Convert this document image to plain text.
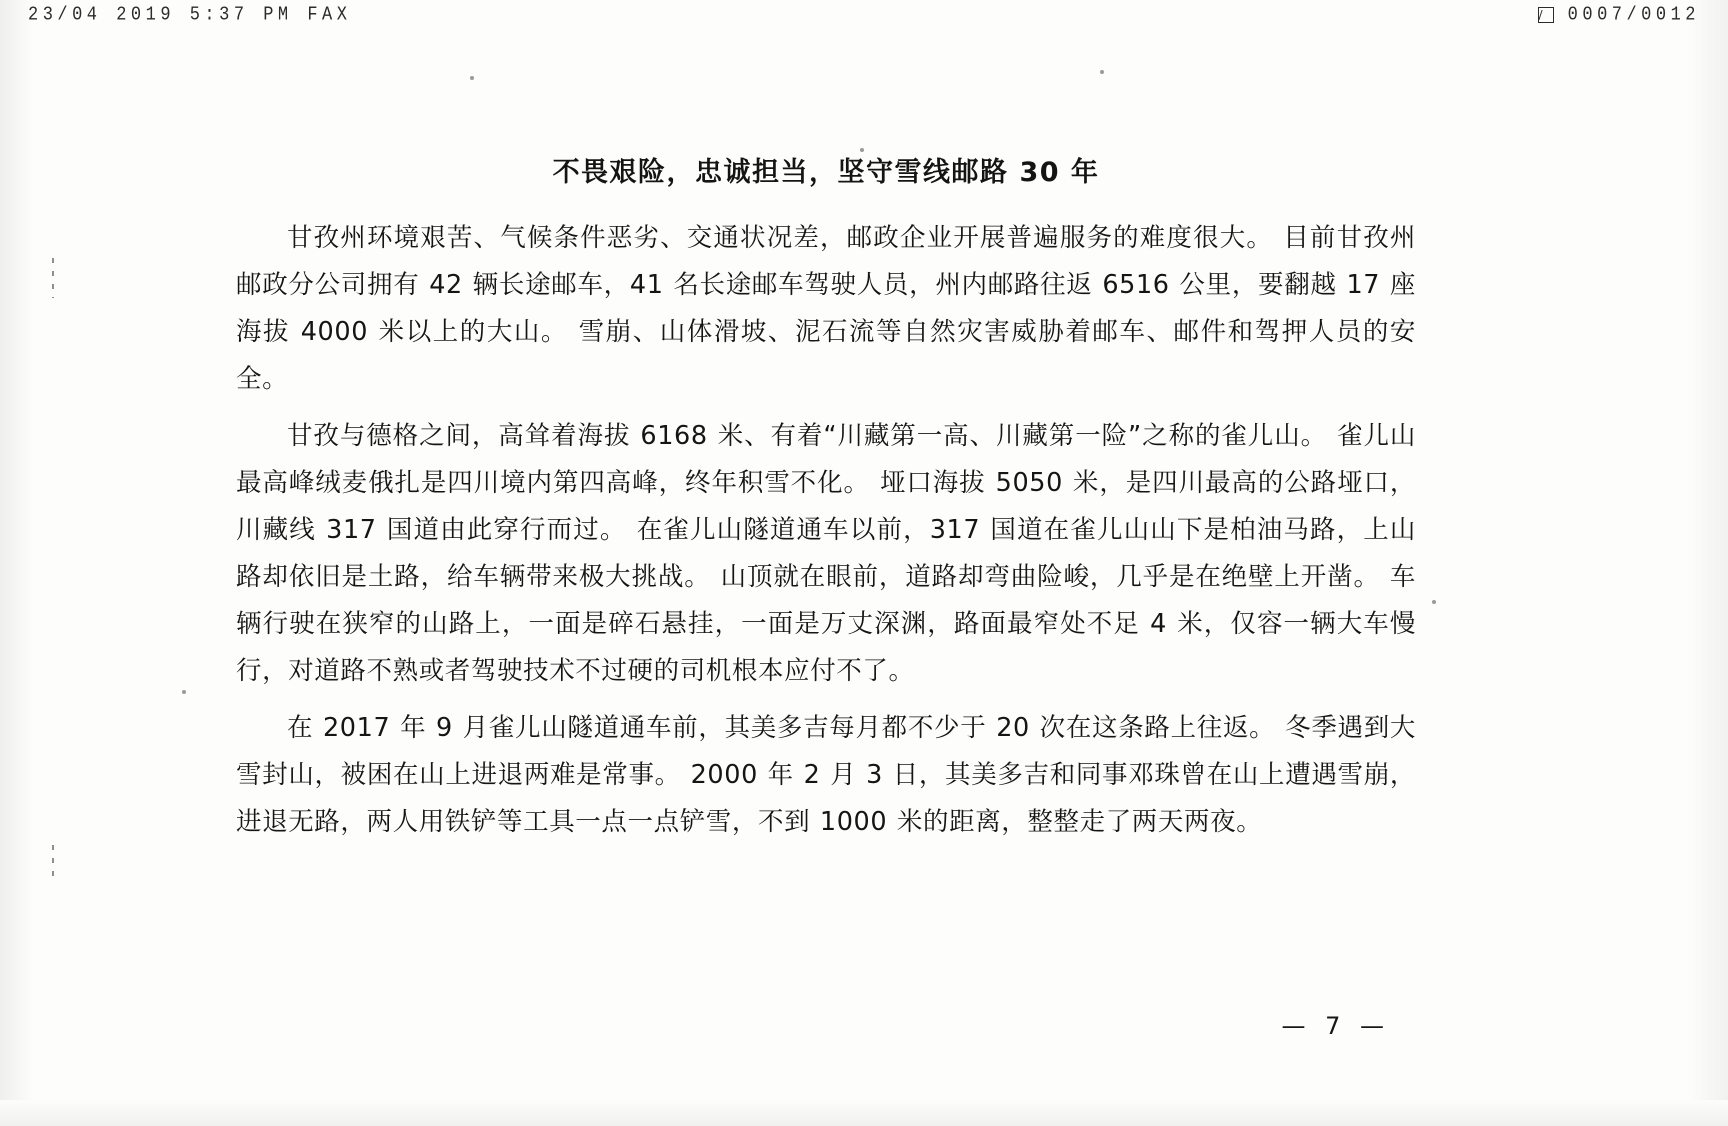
23/04 2019 5:37 PM FAX	0007/0012
不畏艰险，忠诚担当，坚守雪线邮路 30 年

甘孜州环境艰苦、气候条件恶劣、交通状况差，邮政企业开展普遍服务的难度很大。 目前甘孜州邮政分公司拥有 42 辆长途邮车，41 名长途邮车驾驶人员，州内邮路往返 6516 公里，要翻越 17 座海拔 4000 米以上的大山。 雪崩、山体滑坡、泥石流等自然灾害威胁着邮车、邮件和驾押人员的安全。

甘孜与德格之间，高耸着海拔 6168 米、有着“川藏第一高、川藏第一险”之称的雀儿山。 雀儿山最高峰绒麦俄扎是四川境内第四高峰，终年积雪不化。 垭口海拔 5050 米，是四川最高的公路垭口，川藏线 317 国道由此穿行而过。 在雀儿山隧道通车以前，317 国道在雀儿山山下是柏油马路，上山路却依旧是土路，给车辆带来极大挑战。 山顶就在眼前，道路却弯曲险峻，几乎是在绝壁上开凿。 车辆行驶在狭窄的山路上，一面是碎石悬挂，一面是万丈深渊，路面最窄处不足 4 米，仅容一辆大车慢行，对道路不熟或者驾驶技术不过硬的司机根本应付不了。

在 2017 年 9 月雀儿山隧道通车前，其美多吉每月都不少于 20 次在这条路上往返。 冬季遇到大雪封山，被困在山上进退两难是常事。 2000 年 2 月 3 日，其美多吉和同事邓珠曾在山上遭遇雪崩，进退无路，两人用铁铲等工具一点一点铲雪，不到 1000 米的距离，整整走了两天两夜。

— 7 —
